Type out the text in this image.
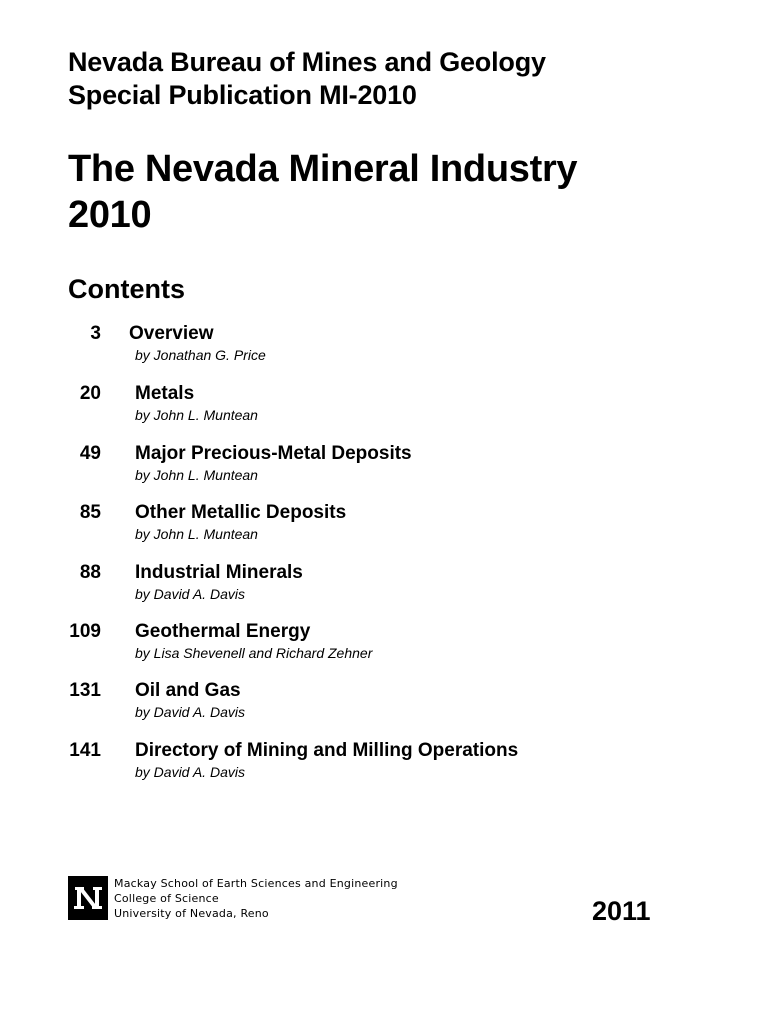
Nevada Bureau of Mines and Geology
Special Publication MI-2010
The Nevada Mineral Industry
2010
Contents
3 Overview
by Jonathan G. Price
20 Metals
by John L. Muntean
49 Major Precious-Metal Deposits
by John L. Muntean
85 Other Metallic Deposits
by John L. Muntean
88 Industrial Minerals
by David A. Davis
109 Geothermal Energy
by Lisa Shevenell and Richard Zehner
131 Oil and Gas
by David A. Davis
141 Directory of Mining and Milling Operations
by David A. Davis
Mackay School of Earth Sciences and Engineering
College of Science
University of Nevada, Reno	2011
